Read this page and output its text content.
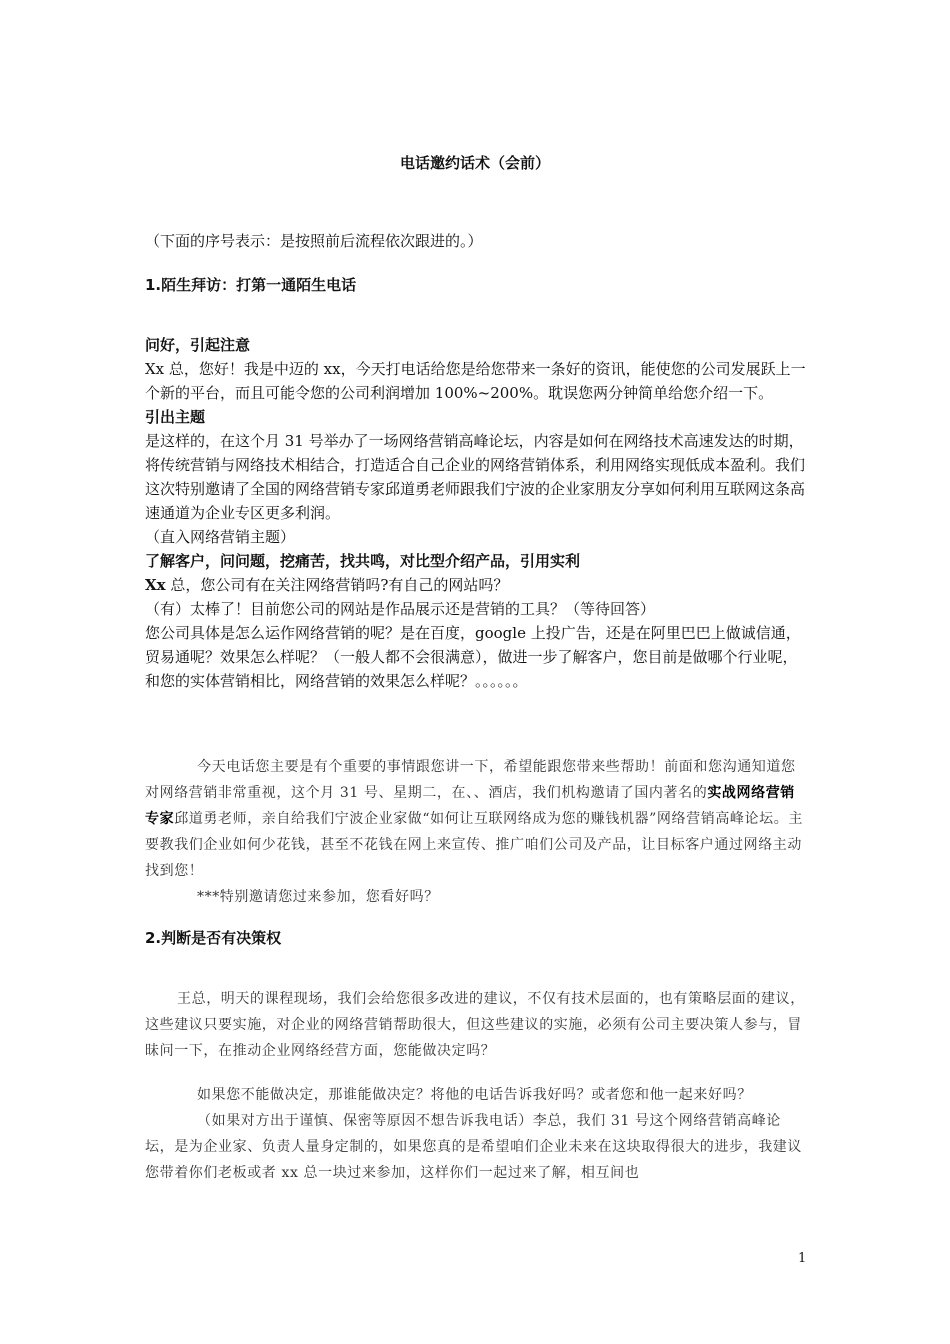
电话邀约话术（会前）

（下面的序号表示：是按照前后流程依次跟进的。）

1.陌生拜访：打第一通陌生电话

问好，引起注意

Xx 总，您好！我是中迈的 xx，今天打电话给您是给您带来一条好的资讯，能使您的公司发展跃上一个新的平台，而且可能令您的公司利润增加 100%~200%。耽误您两分钟简单给您介绍一下。

引出主题

是这样的，在这个月 31 号举办了一场网络营销高峰论坛，内容是如何在网络技术高速发达的时期，将传统营销与网络技术相结合，打造适合自己企业的网络营销体系，利用网络实现低成本盈利。我们这次特别邀请了全国的网络营销专家邱道勇老师跟我们宁波的企业家朋友分享如何利用互联网这条高速通道为企业专区更多利润。

（直入网络营销主题）

了解客户，问问题，挖痛苦，找共鸣，对比型介绍产品，引用实利

Xx 总，您公司有在关注网络营销吗?有自己的网站吗？

（有）太棒了！目前您公司的网站是作品展示还是营销的工具？（等待回答）

您公司具体是怎么运作网络营销的呢？是在百度，google 上投广告，还是在阿里巴巴上做诚信通，贸易通呢？效果怎么样呢？（一般人都不会很满意），做进一步了解客户，您目前是做哪个行业呢，和您的实体营销相比，网络营销的效果怎么样呢？。。。。。。

今天电话您主要是有个重要的事情跟您讲一下，希望能跟您带来些帮助！前面和您沟通知道您对网络营销非常重视，这个月 31 号、星期二，在、、酒店，我们机构邀请了国内著名的实战网络营销专家邱道勇老师，亲自给我们宁波企业家做“如何让互联网络成为您的赚钱机器”网络营销高峰论坛。主要教我们企业如何少花钱，甚至不花钱在网上来宣传、推广咱们公司及产品，让目标客户通过网络主动找到您！

***特别邀请您过来参加，您看好吗？

2.判断是否有决策权

王总，明天的课程现场，我们会给您很多改进的建议，不仅有技术层面的，也有策略层面的建议，这些建议只要实施，对企业的网络营销帮助很大，但这些建议的实施，必须有公司主要决策人参与，冒昧问一下，在推动企业网络经营方面，您能做决定吗？

如果您不能做决定，那谁能做决定？将他的电话告诉我好吗？或者您和他一起来好吗？

（如果对方出于谨慎、保密等原因不想告诉我电话）李总，我们 31 号这个网络营销高峰论坛，是为企业家、负责人量身定制的，如果您真的是希望咱们企业未来在这块取得很大的进步，我建议您带着你们老板或者 xx 总一块过来参加，这样你们一起过来了解，相互间也

1
